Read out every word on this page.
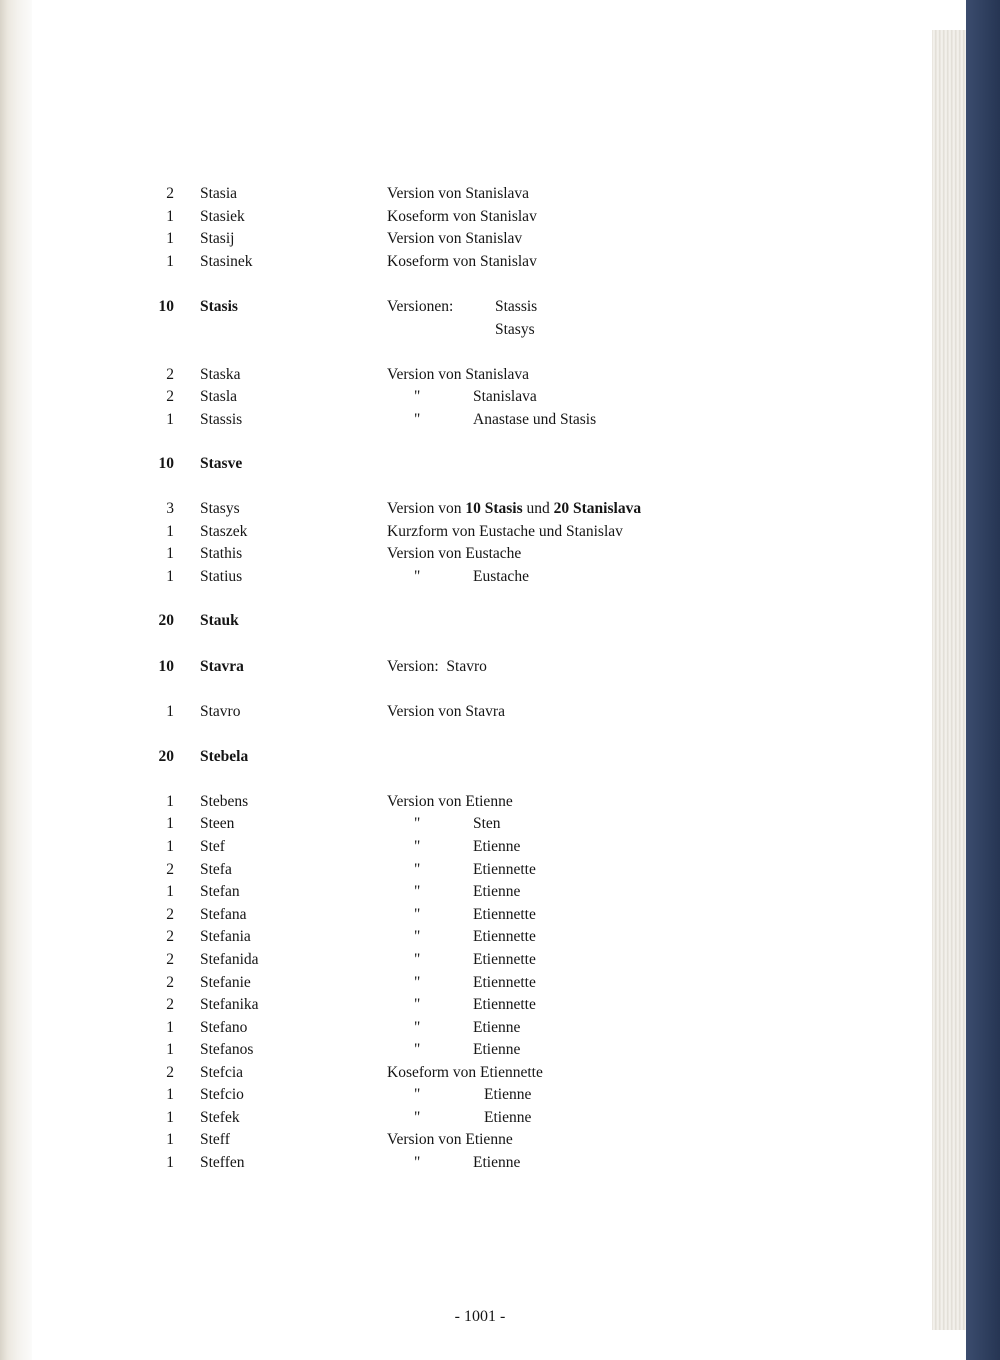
2 Stasia	Version von Stanislava
1 Stasiek	Koseform von Stanislav
1 Stasij	Version von Stanislav
1 Stasinek	Koseform von Stanislav
10 Stasis	Versionen:	Stassis
Stasys
2 Staska	Version von Stanislava
2 Stasla	"	Stanislava
1 Stassis	"	Anastase und Stasis
10 Stasve
3 Stasys	Version von 10 Stasis und 20 Stanislava
1 Staszek	Kurzform von Eustache und Stanislav
1 Stathis	Version von Eustache
1 Statius	"	Eustache
20 Stauk
10 Stavra	Version:  Stavro
1 Stavro	Version von Stavra
20 Stebela
1 Stebens	Version von Etienne
1 Steen	"	Sten
1 Stef	"	Etienne
2 Stefa	"	Etiennette
1 Stefan	"	Etienne
2 Stefana	"	Etiennette
2 Stefania	"	Etiennette
2 Stefanida	"	Etiennette
2 Stefanie	"	Etiennette
2 Stefanika	"	Etiennette
1 Stefano	"	Etienne
1 Stefanos	"	Etienne
2 Stefcia	Koseform von Etiennette
1 Stefcio	"	Etienne
1 Stefek	"	Etienne
1 Steff	Version von Etienne
1 Steffen	"	Etienne
- 1001 -
